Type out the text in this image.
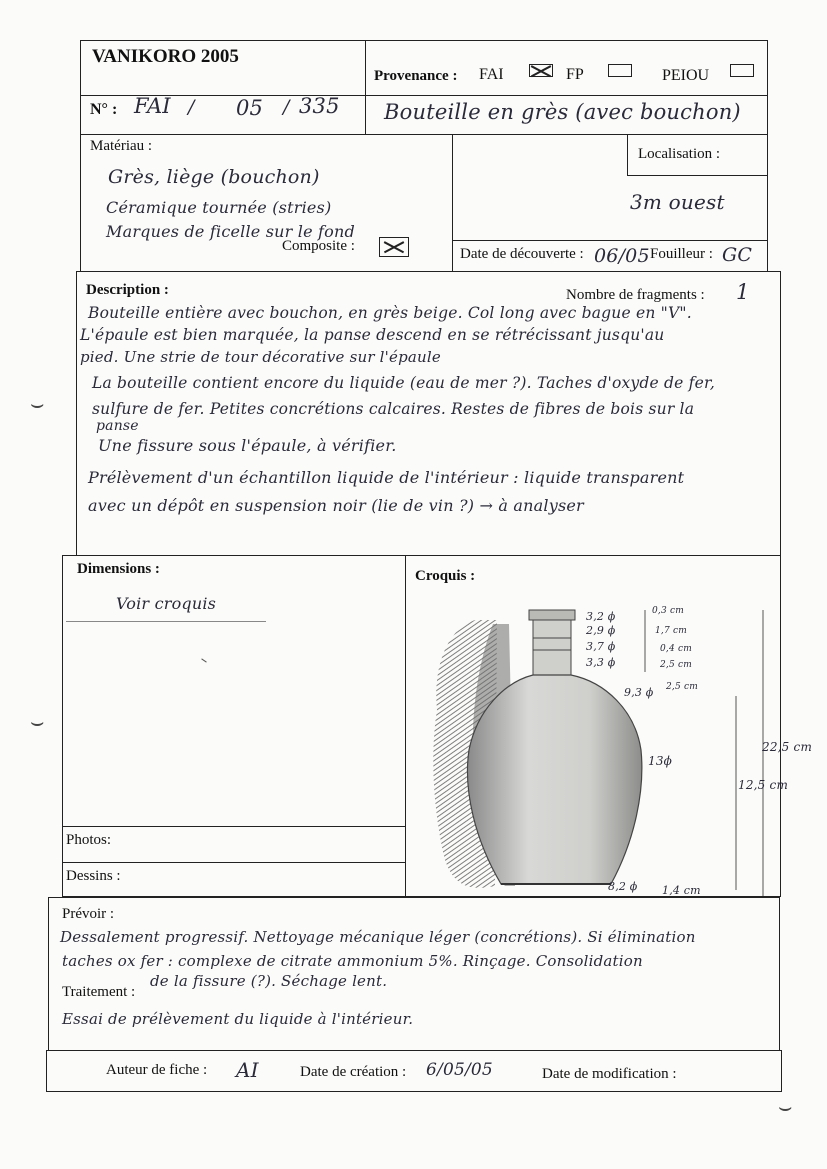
⌣
⌣
⌣
VANIKORO 2005
Provenance : FAI	FP	PEIOU
N° : FAI / 05 / 335 Bouteille en grès (avec bouchon)
Matériau :
Grès, liège (bouchon)
Céramique tournée (stries)
Marques de ficelle sur le fond
Composite :
Localisation :
3m ouest
Date de découverte : 06/05 Fouilleur : GC
Description :	Nombre de fragments : 1
Bouteille entière avec bouchon, en grès beige. Col long avec bague en "V".
L'épaule est bien marquée, la panse descend en se rétrécissant jusqu'au
pied. Une strie de tour décorative sur l'épaule
La bouteille contient encore du liquide (eau de mer ?). Taches d'oxyde de fer,
sulfure de fer. Petites concrétions calcaires. Restes de fibres de bois sur la
panse
Une fissure sous l'épaule, à vérifier.
Prélèvement d'un échantillon liquide de l'intérieur : liquide transparent
avec un dépôt en suspension noir (lie de vin ?) → à analyser
Dimensions :
Voir croquis
Photos:
Dessins :
Croquis :
3,2 ϕ
2,9 ϕ
3,7 ϕ
3,3 ϕ
9,3 ϕ
13ϕ
8,2 ϕ
0,3 cm
1,7 cm
0,4 cm
2,5 cm
2,5 cm
1,4 cm
22,5 cm
12,5 cm
Prévoir :
Dessalement progressif. Nettoyage mécanique léger (concrétions). Si élimination
taches ox fer : complexe de citrate ammonium 5%. Rinçage. Consolidation
de la fissure (?). Séchage lent.
Traitement :
Essai de prélèvement du liquide à l'intérieur.
Auteur de fiche : AI	Date de création : 6/05/05	Date de modification :
